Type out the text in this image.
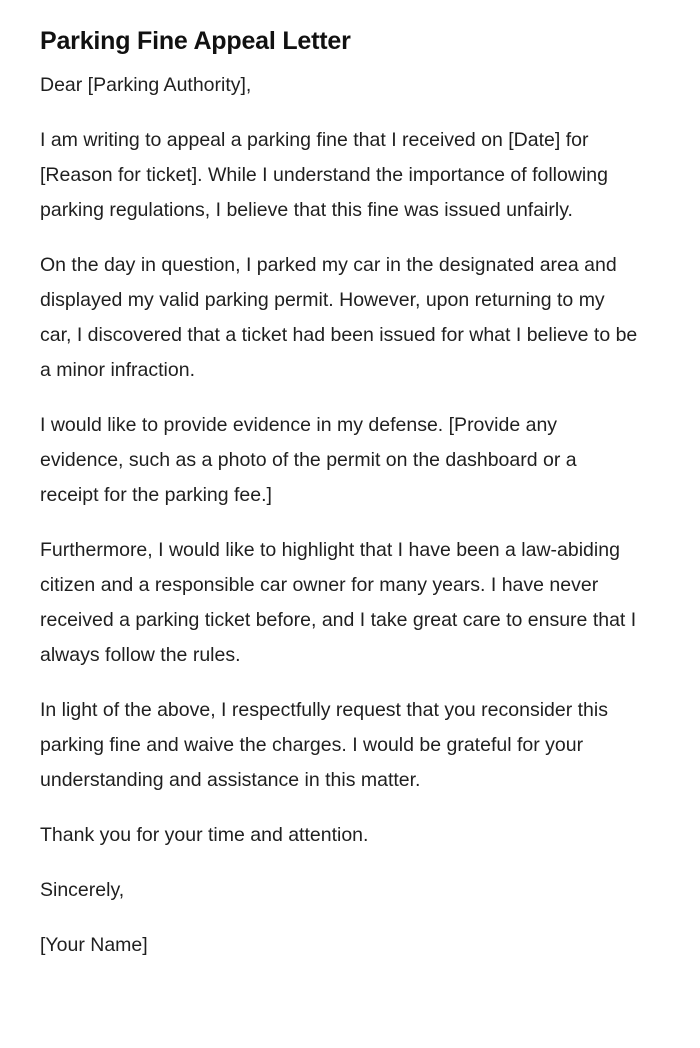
Parking Fine Appeal Letter

Dear [Parking Authority],

I am writing to appeal a parking fine that I received on [Date] for [Reason for ticket]. While I understand the importance of following parking regulations, I believe that this fine was issued unfairly.

On the day in question, I parked my car in the designated area and displayed my valid parking permit. However, upon returning to my car, I discovered that a ticket had been issued for what I believe to be a minor infraction.

I would like to provide evidence in my defense. [Provide any evidence, such as a photo of the permit on the dashboard or a receipt for the parking fee.]

Furthermore, I would like to highlight that I have been a law-abiding citizen and a responsible car owner for many years. I have never received a parking ticket before, and I take great care to ensure that I always follow the rules.

In light of the above, I respectfully request that you reconsider this parking fine and waive the charges. I would be grateful for your understanding and assistance in this matter.

Thank you for your time and attention.

Sincerely,

[Your Name]
